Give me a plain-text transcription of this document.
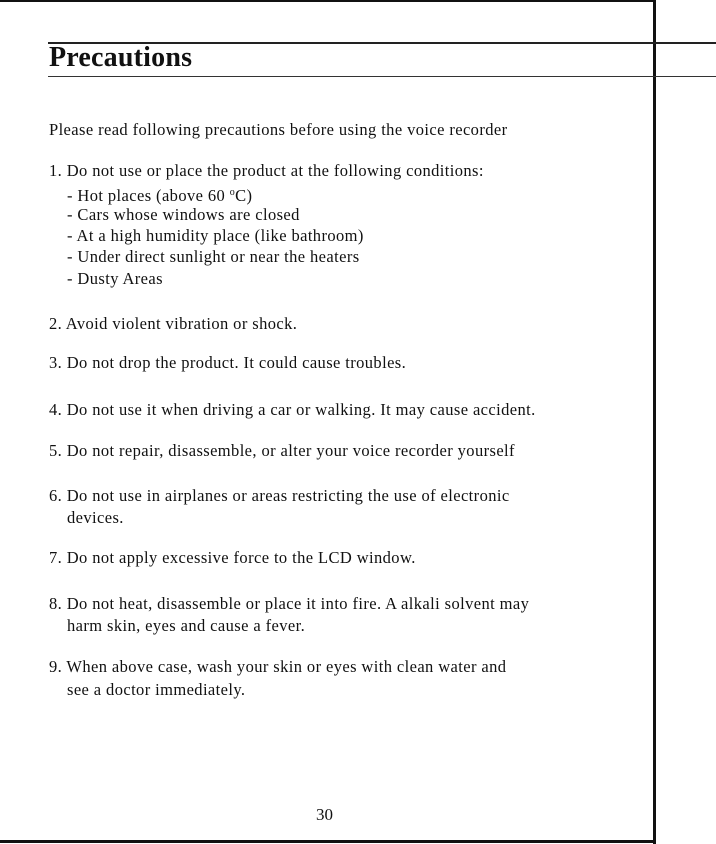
Precautions
Please read following precautions before using the voice recorder
1. Do not use or place the product at the following conditions:
- Hot places (above 60 $^o$C)
- Cars whose windows are closed
- At a high humidity place (like bathroom)
- Under direct sunlight or near the heaters
- Dusty Areas
2. Avoid violent vibration or shock.
3. Do not drop the product. It could cause troubles.
4. Do not use it when driving a car or walking. It may cause accident.
5. Do not repair, disassemble, or alter your voice recorder yourself
6. Do not use in airplanes or areas restricting the use of electronic
devices.
7. Do not apply excessive force to the LCD window.
8. Do not heat, disassemble or place it into fire. A alkali solvent may
harm skin, eyes and cause a fever.
9. When above case, wash your skin or eyes with clean water and
see a doctor immediately.
30
